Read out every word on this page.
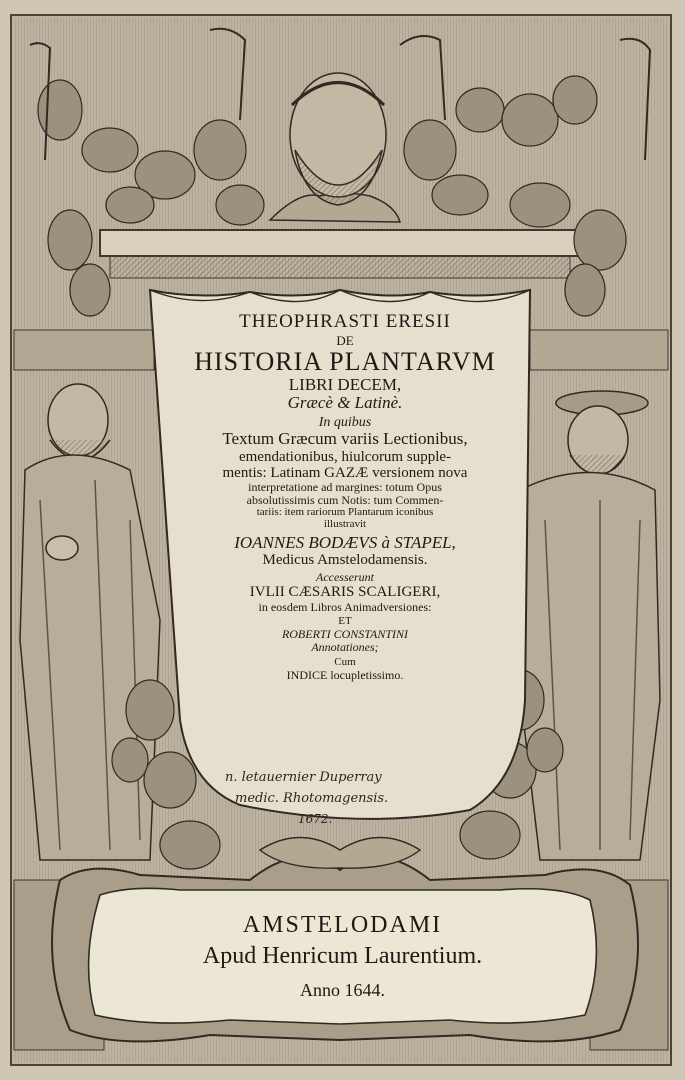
THEOPHRASTI ERESII
DE
HISTORIA PLANTARVM
LIBRI DECEM,
Græcè & Latinè.
In quibus
Textum Græcum variis Lectionibus,
emendationibus, hiulcorum supple-
mentis: Latinam GAZÆ versionem nova
interpretatione ad margines: totum Opus
absolutissimis cum Notis: tum Commen-
tariis: item rariorum Plantarum iconibus
illustravit
IOANNES BODÆVS à STAPEL,
Medicus Amstelodamensis.
Accesserunt
IVLII CÆSARIS SCALIGERI,
in eosdem Libros Animadversiones:
ET
ROBERTI CONSTANTINI
Annotationes;
Cum
INDICE locupletissimo.
n. letauernier Duperray
medic. Rhotomagensis.
1672.
AMSTELODAMI
Apud Henricum Laurentium.
Anno 1644.
